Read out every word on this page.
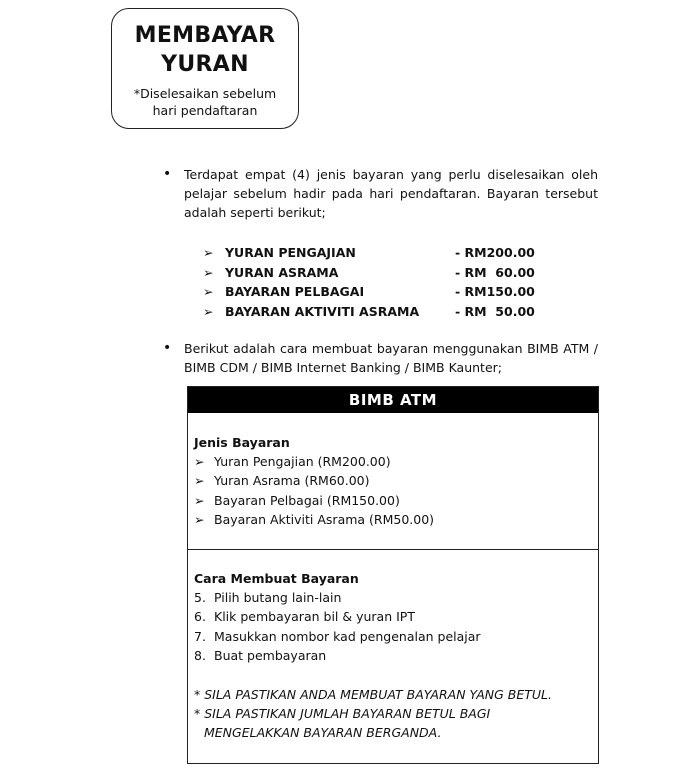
MEMBAYAR
YURAN
*Diselesaikan sebelum
hari pendaftaran
• Terdapat empat (4) jenis bayaran yang perlu diselesaikan oleh pelajar sebelum hadir pada hari pendaftaran. Bayaran tersebut adalah seperti berikut;
➢ YURAN PENGAJIAN	- RM200.00
➢ YURAN ASRAMA	- RM  60.00
➢ BAYARAN PELBAGAI	- RM150.00
➢ BAYARAN AKTIVITI ASRAMA	- RM  50.00
• Berikut adalah cara membuat bayaran menggunakan BIMB ATM / BIMB CDM / BIMB Internet Banking / BIMB Kaunter;
BIMB ATM
Jenis Bayaran
➢ Yuran Pengajian (RM200.00)
➢ Yuran Asrama (RM60.00)
➢ Bayaran Pelbagai (RM150.00)
➢ Bayaran Aktiviti Asrama (RM50.00)
Cara Membuat Bayaran
5. Pilih butang lain-lain
6. Klik pembayaran bil & yuran IPT
7. Masukkan nombor kad pengenalan pelajar
8. Buat pembayaran
* SILA PASTIKAN ANDA MEMBUAT BAYARAN YANG BETUL.
* SILA PASTIKAN JUMLAH BAYARAN BETUL BAGI MENGELAKKAN BAYARAN BERGANDA.
